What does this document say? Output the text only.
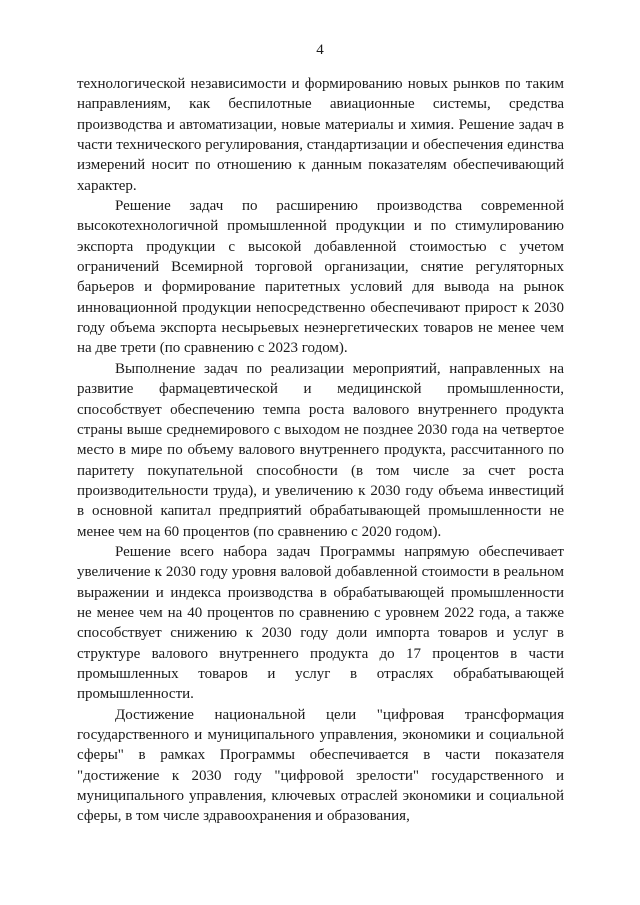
4

технологической независимости и формированию новых рынков по таким направлениям, как беспилотные авиационные системы, средства производства и автоматизации, новые материалы и химия. Решение задач в части технического регулирования, стандартизации и обеспечения единства измерений носит по отношению к данным показателям обеспечивающий характер.

Решение задач по расширению производства современной высокотехнологичной промышленной продукции и по стимулированию экспорта продукции с высокой добавленной стоимостью с учетом ограничений Всемирной торговой организации, снятие регуляторных барьеров и формирование паритетных условий для вывода на рынок инновационной продукции непосредственно обеспечивают прирост к 2030 году объема экспорта несырьевых неэнергетических товаров не менее чем на две трети (по сравнению с 2023 годом).

Выполнение задач по реализации мероприятий, направленных на развитие фармацевтической и медицинской промышленности, способствует обеспечению темпа роста валового внутреннего продукта страны выше среднемирового с выходом не позднее 2030 года на четвертое место в мире по объему валового внутреннего продукта, рассчитанного по паритету покупательной способности (в том числе за счет роста производительности труда), и увеличению к 2030 году объема инвестиций в основной капитал предприятий обрабатывающей промышленности не менее чем на 60 процентов (по сравнению с 2020 годом).

Решение всего набора задач Программы напрямую обеспечивает увеличение к 2030 году уровня валовой добавленной стоимости в реальном выражении и индекса производства в обрабатывающей промышленности не менее чем на 40 процентов по сравнению с уровнем 2022 года, а также способствует снижению к 2030 году доли импорта товаров и услуг в структуре валового внутреннего продукта до 17 процентов в части промышленных товаров и услуг в отраслях обрабатывающей промышленности.

Достижение национальной цели "цифровая трансформация государственного и муниципального управления, экономики и социальной сферы" в рамках Программы обеспечивается в части показателя "достижение к 2030 году "цифровой зрелости" государственного и муниципального управления, ключевых отраслей экономики и социальной сферы, в том числе здравоохранения и образования,
